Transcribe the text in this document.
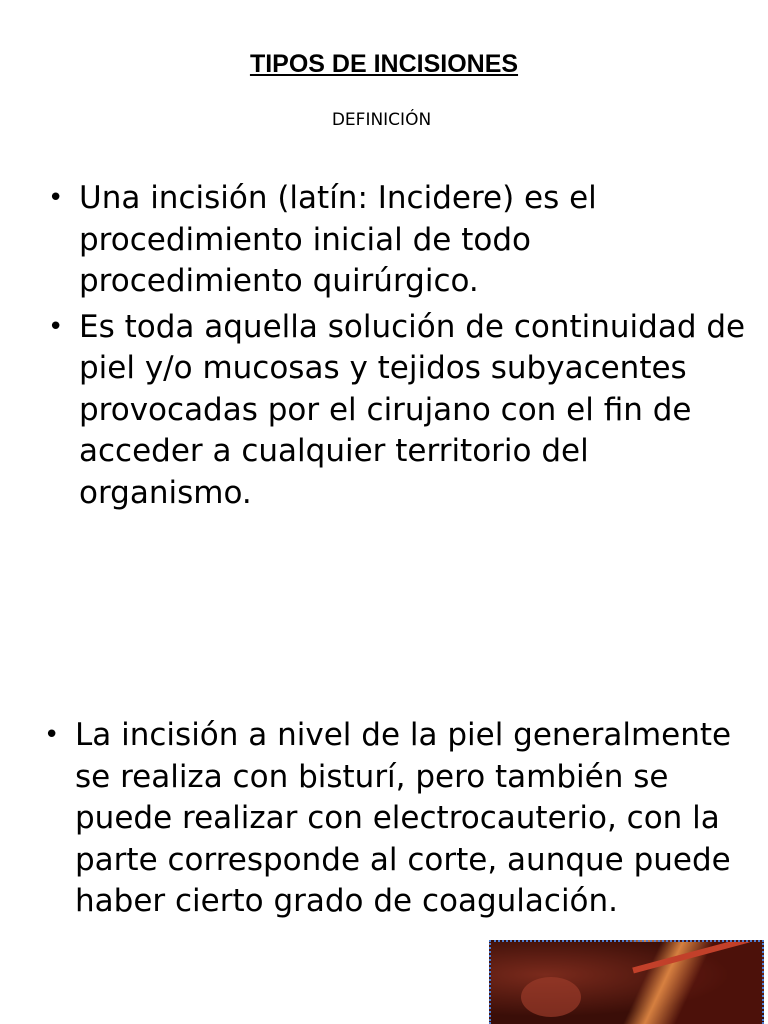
TIPOS DE INCISIONES
DEFINICIÓN
• Una incisión (latín: Incidere) es el procedimiento inicial de todo procedimiento quirúrgico.
• Es toda aquella solución de continuidad de piel y/o mucosas y tejidos subyacentes provocadas por el cirujano con el fin de acceder a cualquier territorio del organismo.
• La incisión a nivel de la piel generalmente se realiza con bisturí, pero también se puede realizar con electrocauterio, con la parte corresponde al corte, aunque puede haber cierto grado de coagulación.
